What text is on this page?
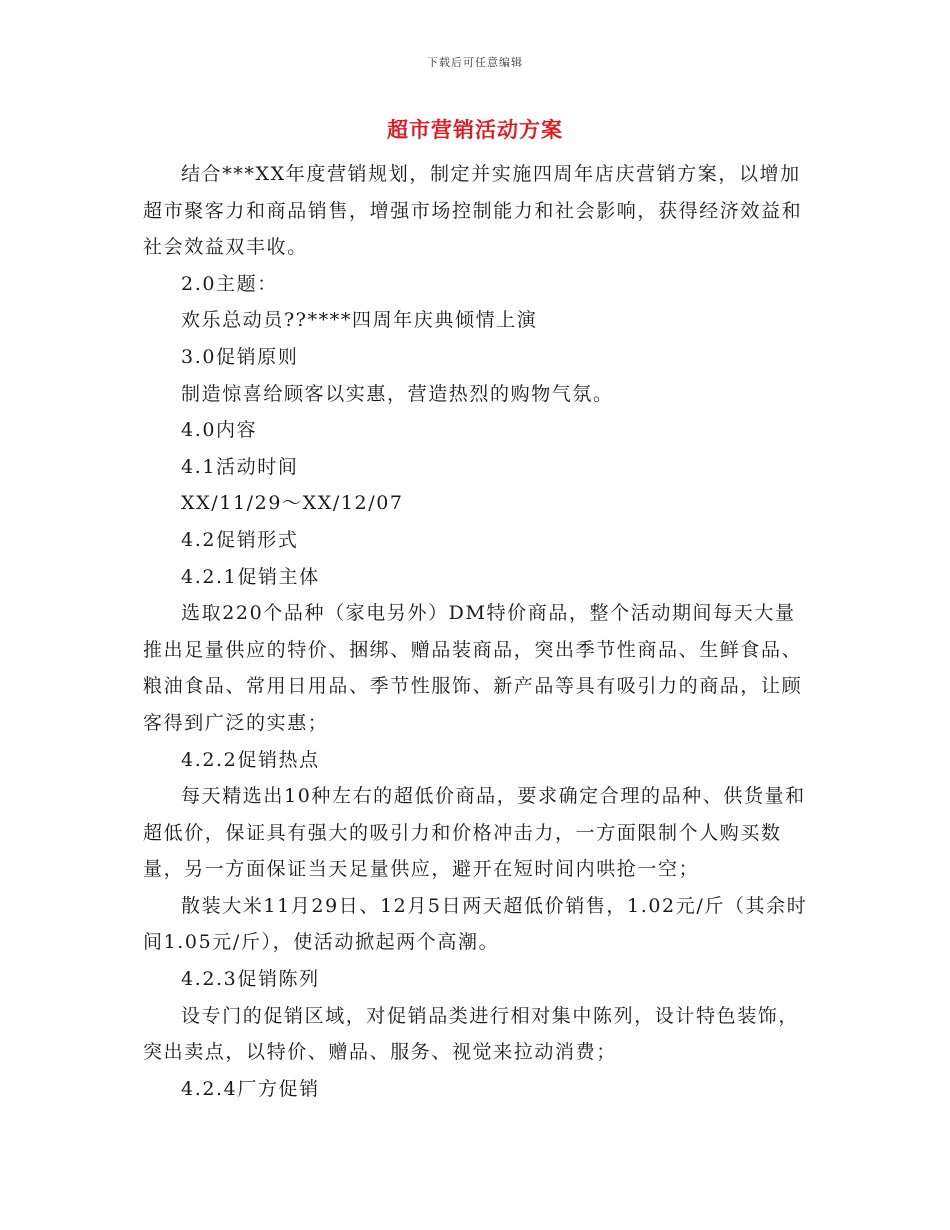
下载后可任意编辑
超市营销活动方案

结合***XX年度营销规划，制定并实施四周年店庆营销方案，以增加超市聚客力和商品销售，增强市场控制能力和社会影响，获得经济效益和社会效益双丰收。

2.0主题：

欢乐总动员??****四周年庆典倾情上演

3.0促销原则

制造惊喜给顾客以实惠，营造热烈的购物气氛。

4.0内容

4.1活动时间

XX/11/29～XX/12/07

4.2促销形式

4.2.1促销主体

选取220个品种（家电另外）DM特价商品，整个活动期间每天大量推出足量供应的特价、捆绑、赠品装商品，突出季节性商品、生鲜食品、粮油食品、常用日用品、季节性服饰、新产品等具有吸引力的商品，让顾客得到广泛的实惠；

4.2.2促销热点

每天精选出10种左右的超低价商品，要求确定合理的品种、供货量和超低价，保证具有强大的吸引力和价格冲击力，一方面限制个人购买数量，另一方面保证当天足量供应，避开在短时间内哄抢一空；

散装大米11月29日、12月5日两天超低价销售，1.02元/斤（其余时间1.05元/斤），使活动掀起两个高潮。

4.2.3促销陈列

设专门的促销区域，对促销品类进行相对集中陈列，设计特色装饰，突出卖点，以特价、赠品、服务、视觉来拉动消费；

4.2.4厂方促销
